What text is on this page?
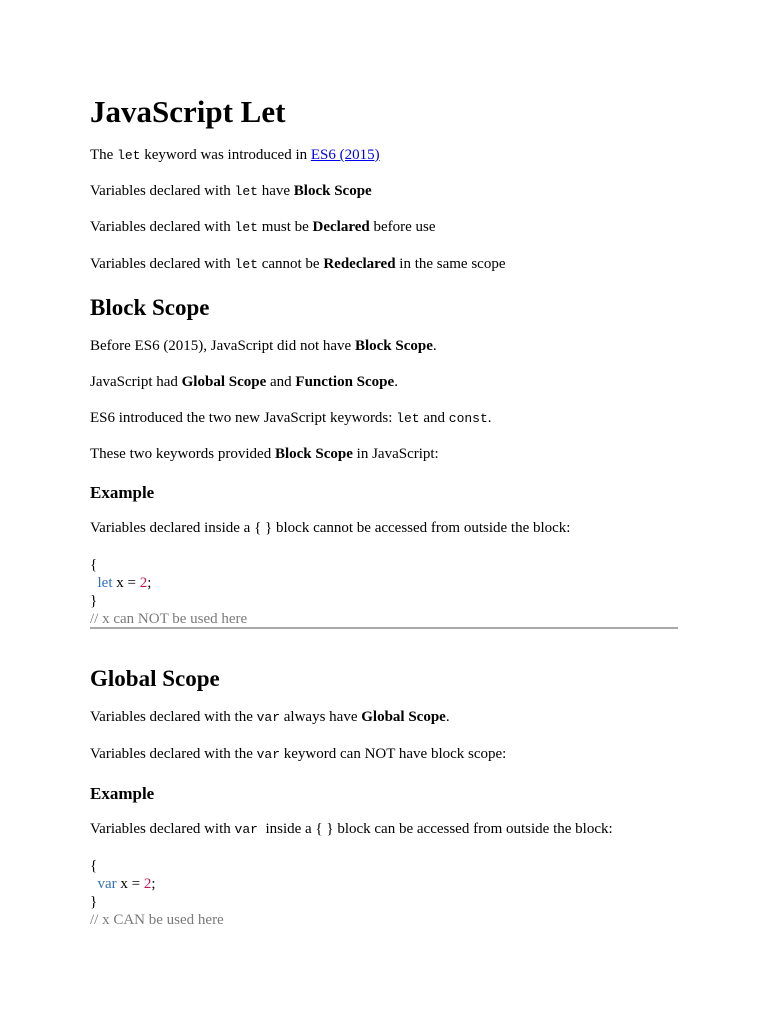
JavaScript Let

The let keyword was introduced in ES6 (2015)

Variables declared with let have Block Scope

Variables declared with let must be Declared before use

Variables declared with let cannot be Redeclared in the same scope

Block Scope

Before ES6 (2015), JavaScript did not have Block Scope.

JavaScript had Global Scope and Function Scope.

ES6 introduced the two new JavaScript keywords: let and const.

These two keywords provided Block Scope in JavaScript:

Example

Variables declared inside a { } block cannot be accessed from outside the block:

{
let x = 2;
}
// x can NOT be used here
Global Scope

Variables declared with the var always have Global Scope.

Variables declared with the var keyword can NOT have block scope:

Example

Variables declared with var  inside a { } block can be accessed from outside the block:

{
var x = 2;
}
// x CAN be used here
